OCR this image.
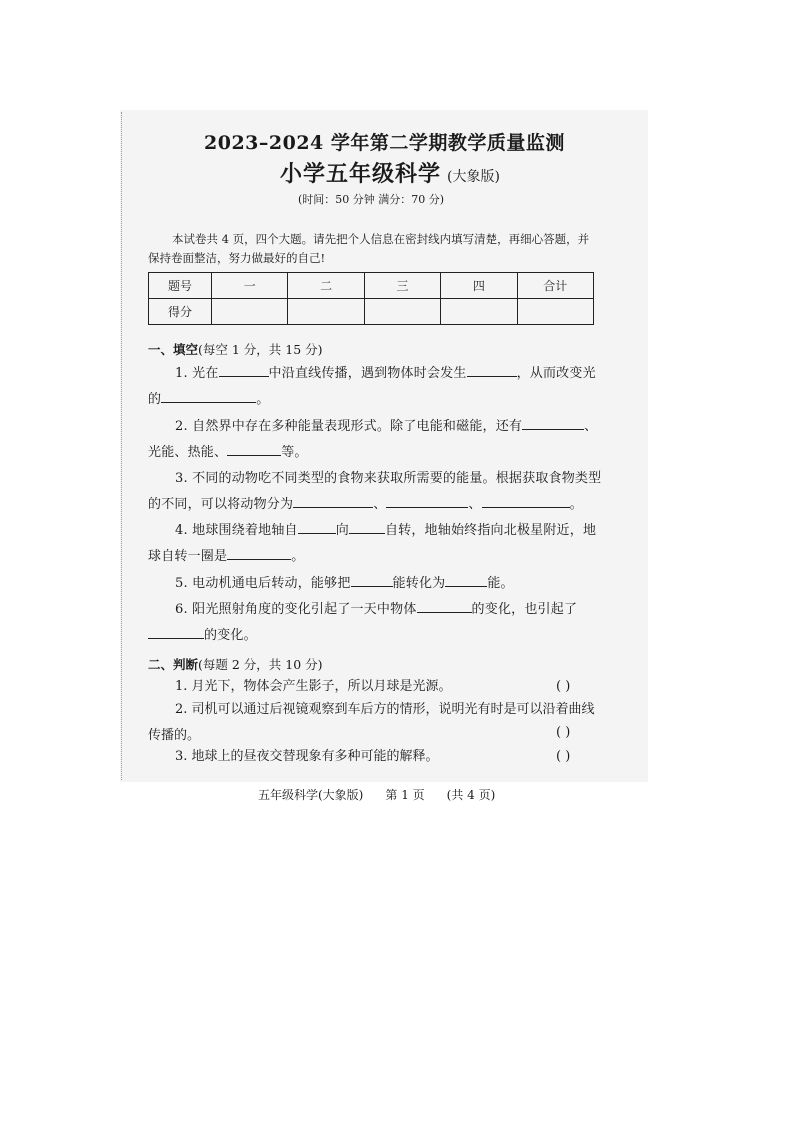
2023–2024 学年第二学期教学质量监测
小学五年级科学 (大象版)
(时间：50 分钟 满分：70 分)
本试卷共 4 页，四个大题。请先把个人信息在密封线内填写清楚，再细心答题，并保持卷面整洁，努力做最好的自己!
题号	一	二	三	四	合计
得分					
一、填空(每空 1 分，共 15 分)
1. 光在	中沿直线传播，遇到物体时会发生	，从而改变光
的	。
2. 自然界中存在多种能量表现形式。除了电能和磁能，还有	、
光能、热能、	等。
3. 不同的动物吃不同类型的食物来获取所需要的能量。根据获取食物类型的不同，可以将动物分为	、	、	。
4. 地球围绕着地轴自	向	自转，地轴始终指向北极星附近，地球自转一圈是	。
5. 电动机通电后转动，能够把	能转化为	能。
6. 阳光照射角度的变化引起了一天中物体	的变化，也引起了的变化。
二、判断(每题 2 分，共 10 分)
1. 月光下，物体会产生影子，所以月球是光源。	( )
2. 司机可以通过后视镜观察到车后方的情形，说明光有时是可以沿着曲线传播的。	( )
3. 地球上的昼夜交替现象有多种可能的解释。	( )
五年级科学(大象版) 第 1 页 (共 4 页)
